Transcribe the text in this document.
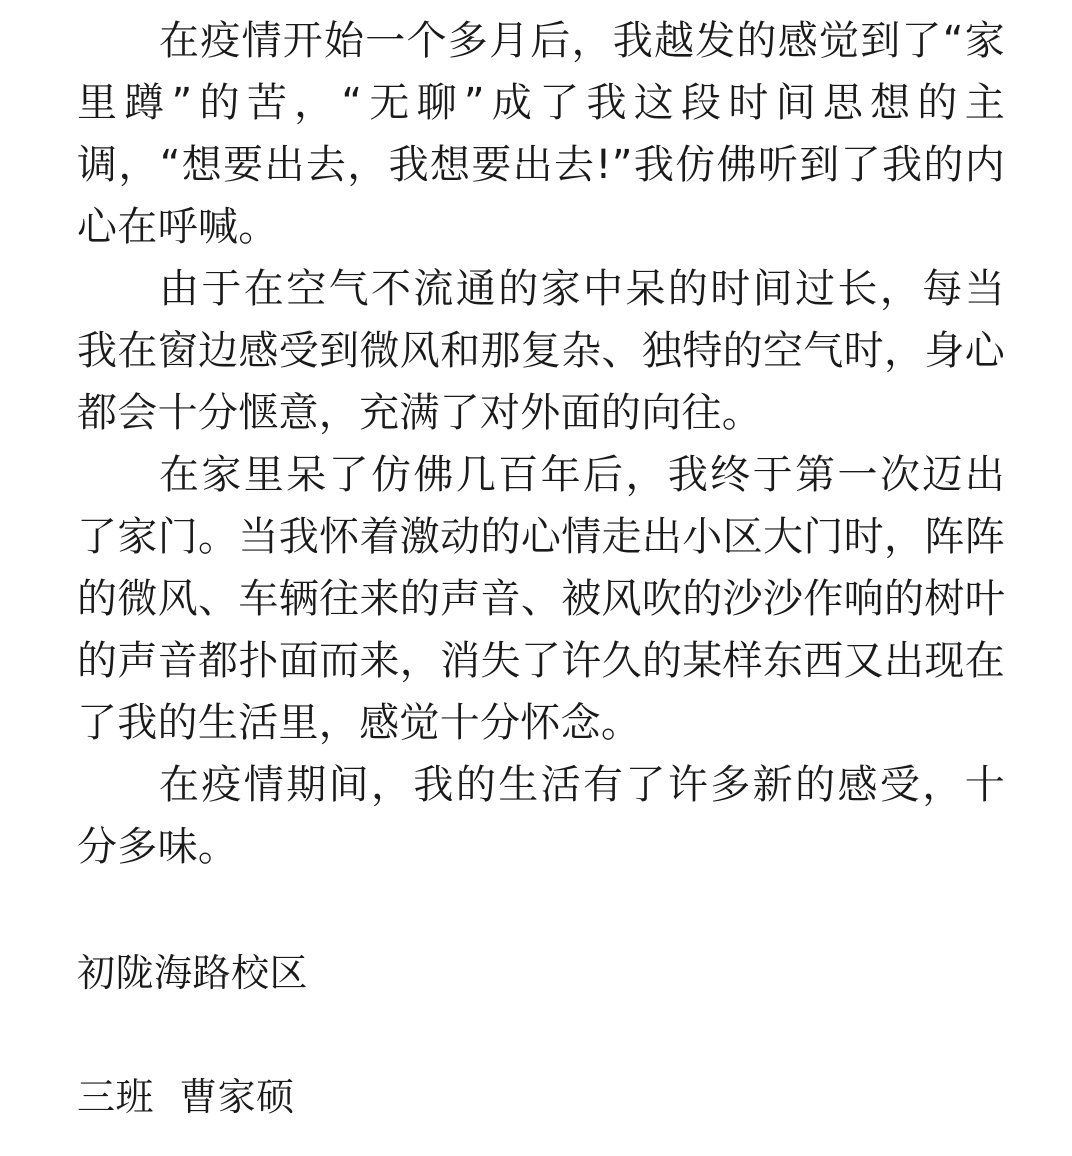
在疫情开始一个多月后，我越发的感觉到了“家里蹲”的苦，“无聊”成了我这段时间思想的主调，“想要出去，我想要出去!”我仿佛听到了我的内心在呼喊。

由于在空气不流通的家中呆的时间过长，每当我在窗边感受到微风和那复杂、独特的空气时，身心都会十分惬意，充满了对外面的向往。

在家里呆了仿佛几百年后，我终于第一次迈出了家门。当我怀着激动的心情走出小区大门时，阵阵的微风、车辆往来的声音、被风吹的沙沙作响的树叶的声音都扑面而来，消失了许久的某样东西又出现在了我的生活里，感觉十分怀念。

在疫情期间，我的生活有了许多新的感受，十分多味。

初陇海路校区

三班  曹家硕
